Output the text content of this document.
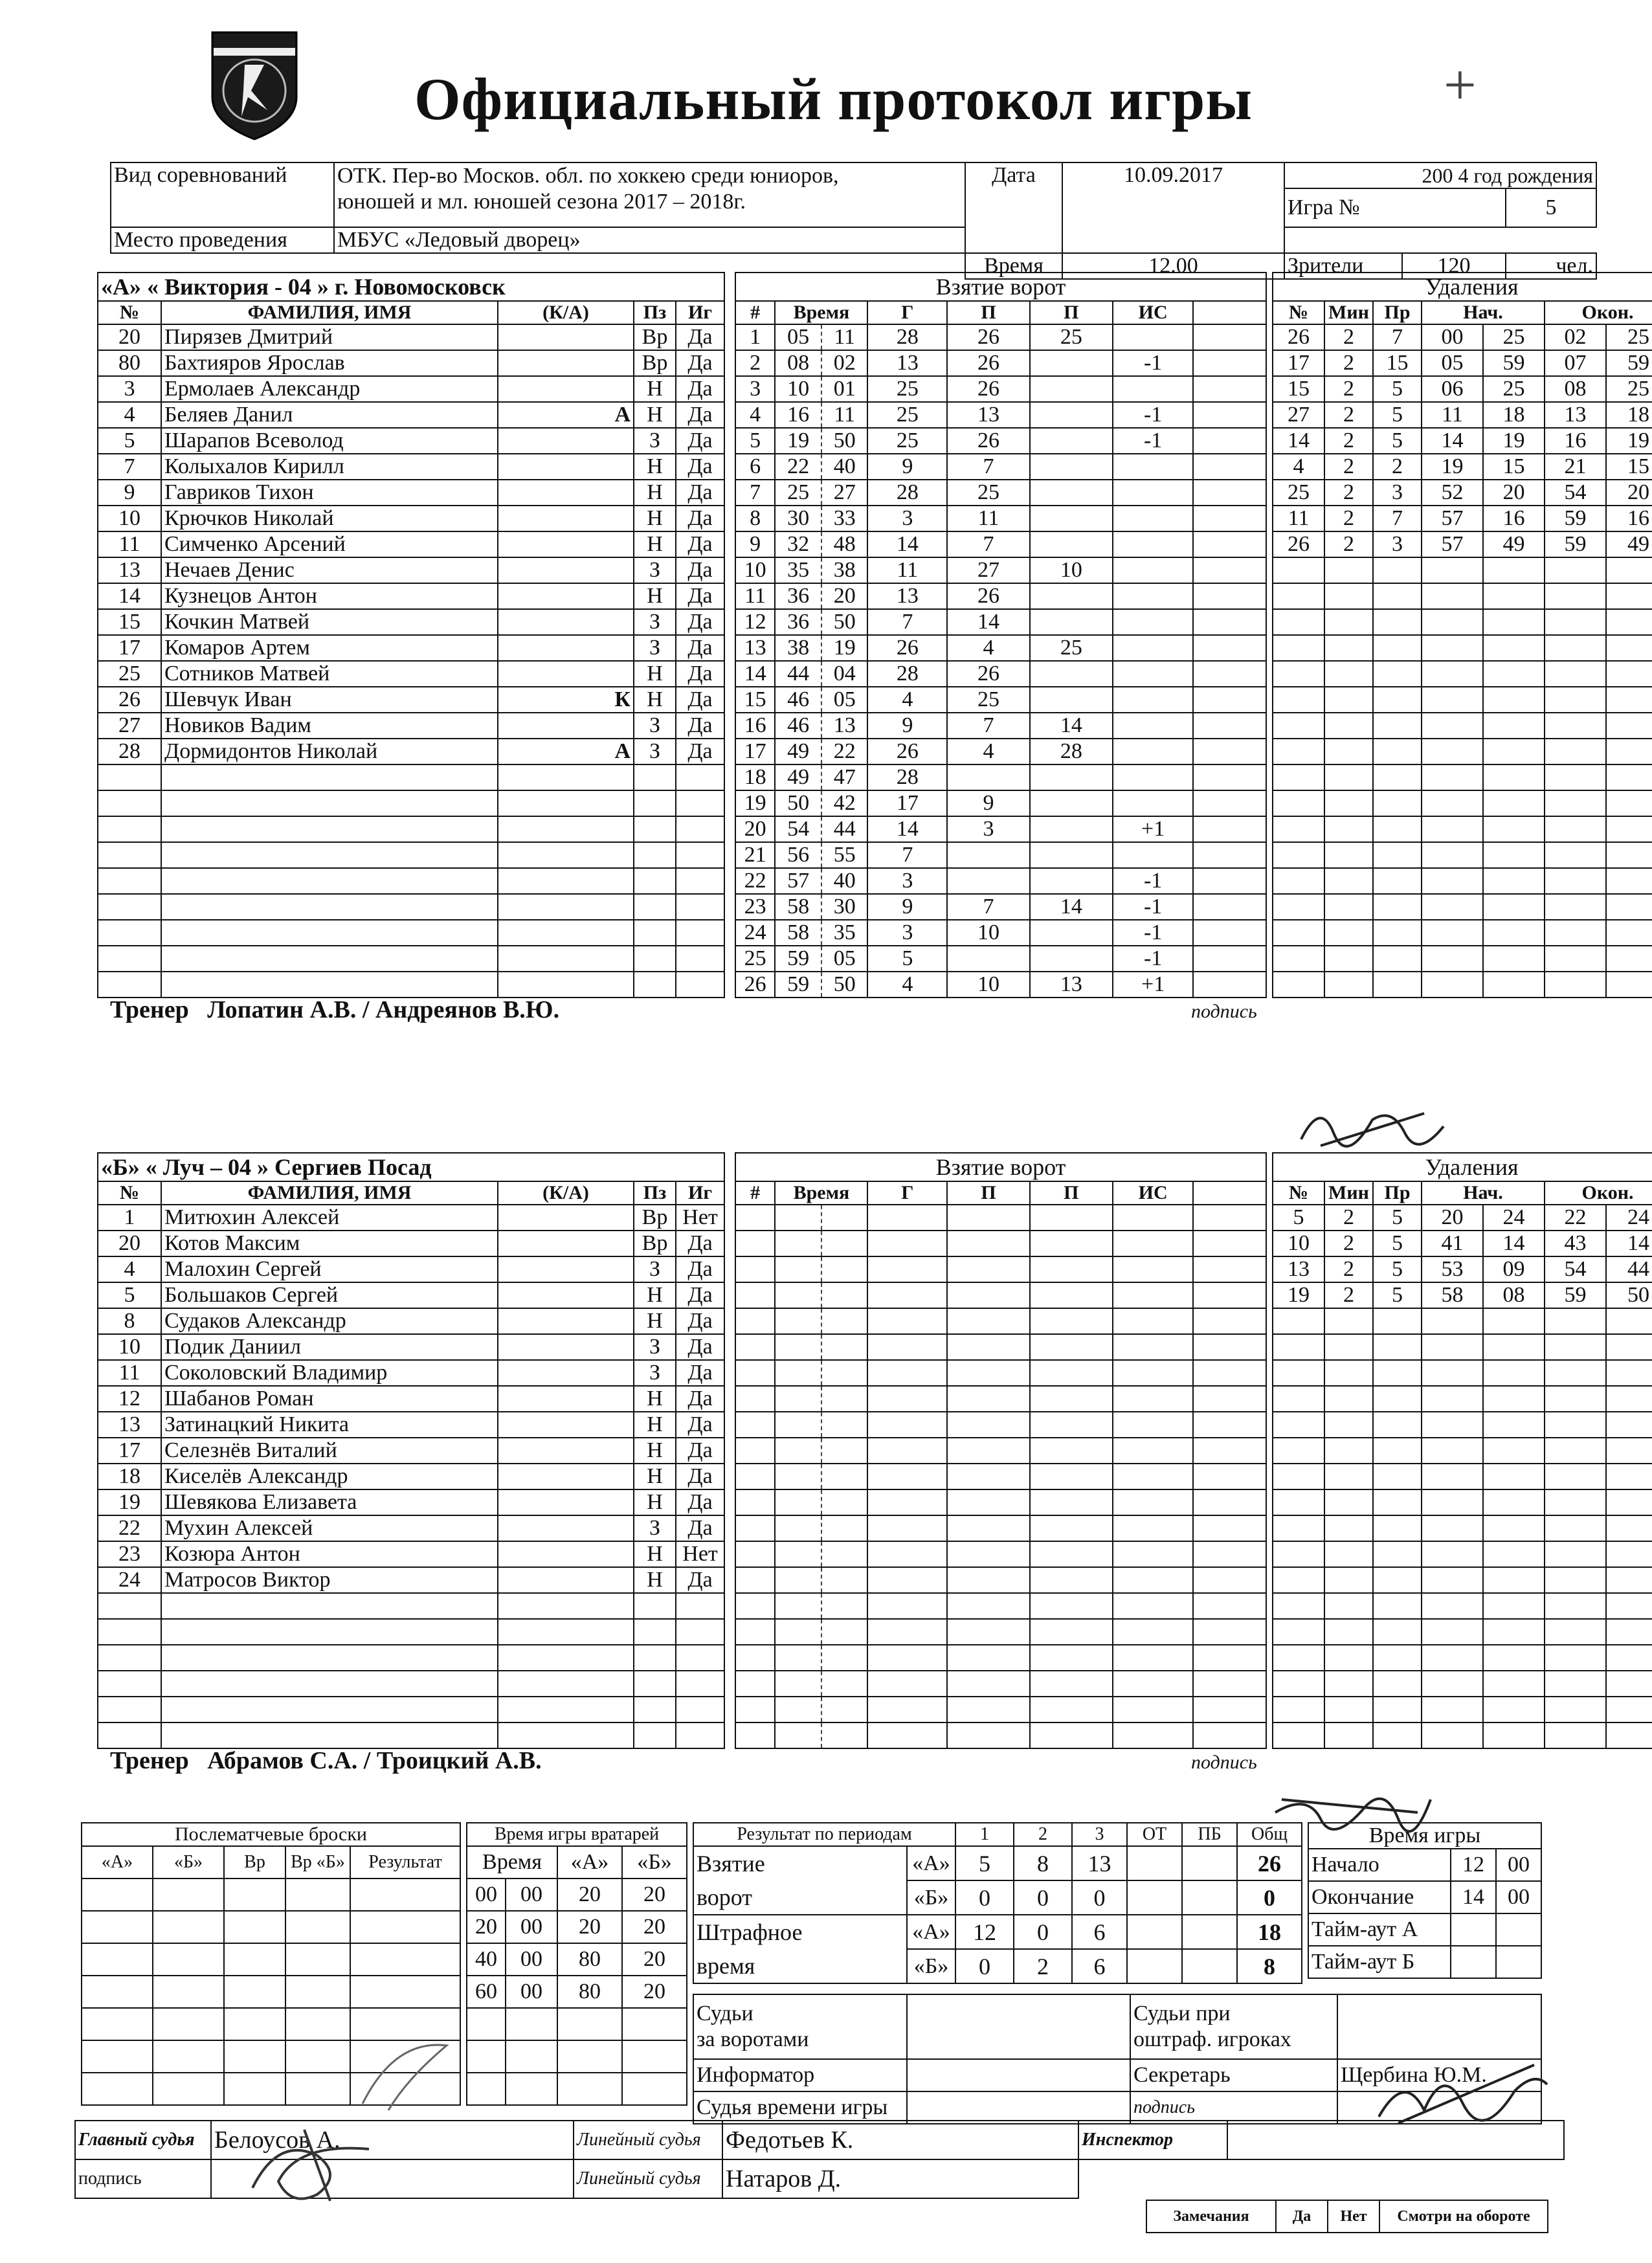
Официальный протокол игры	+
Вид соревнований	ОТК. Пер-во Москов. обл. по хоккею среди юниоров,
юношей и мл. юношей сезона 2017 – 2018г.	Дата	10.09.2017	200 4 год рождения		
				Игра №		5
Место проведения	МБУС «Ледовый дворец»					
		Время	12.00	Зрители	120	чел.
«А» « Виктория - 04 » г. Новомосковск				
№	ФАМИЛИЯ, ИМЯ	(К/А)	Пз	Иг
20	Пирязев Дмитрий		Вр	Да
80	Бахтияров Ярослав		Вр	Да
3	Ермолаев Александр		Н	Да
4	Беляев Данил	А	Н	Да
5	Шарапов Всеволод		З	Да
7	Колыхалов Кирилл		Н	Да
9	Гавриков Тихон		Н	Да
10	Крючков Николай		Н	Да
11	Симченко Арсений		Н	Да
13	Нечаев Денис		З	Да
14	Кузнецов Антон		Н	Да
15	Кочкин Матвей		З	Да
17	Комаров Артем		З	Да
25	Сотников Матвей		Н	Да
26	Шевчук Иван	К	Н	Да
27	Новиков Вадим		З	Да
28	Дормидонтов Николай	А	З	Да

Взятие ворот							
#	Время		Г	П	П	ИС	
1	05	11	28	26	25		
2	08	02	13	26		-1	
3	10	01	25	26			
4	16	11	25	13		-1	
5	19	50	25	26		-1	
6	22	40	9	7			
7	25	27	28	25			
8	30	33	3	11			
9	32	48	14	7			
10	35	38	11	27	10		
11	36	20	13	26			
12	36	50	7	14			
13	38	19	26	4	25		
14	44	04	28	26			
15	46	05	4	25			
16	46	13	9	7	14		
17	49	22	26	4	28		
18	49	47	28				
19	50	42	17	9			
20	54	44	14	3		+1	
21	56	55	7				
22	57	40	3			-1	
23	58	30	9	7	14	-1	
24	58	35	3	10		-1	
25	59	05	5			-1	
26	59	50	4	10	13	+1	
Удаления						
№	Мин	Пр	Нач.		Окон.	
26	2	7	00	25	02	25
17	2	15	05	59	07	59
15	2	5	06	25	08	25
27	2	5	11	18	13	18
14	2	5	14	19	16	19
4	2	2	19	15	21	15
25	2	3	52	20	54	20
11	2	7	57	16	59	16
26	2	3	57	49	59	49

Тренер Лопатин А.В. / Андреянов В.Ю.	подпись
«Б» « Луч – 04 » Сергиев Посад				
№	ФАМИЛИЯ, ИМЯ	(К/А)	Пз	Иг
1	Митюхин Алексей		Вр	Нет
20	Котов Максим		Вр	Да
4	Малохин Сергей		З	Да
5	Большаков Сергей		Н	Да
8	Судаков Александр		Н	Да
10	Подик Даниил		З	Да
11	Соколовский Владимир		З	Да
12	Шабанов Роман		Н	Да
13	Затинацкий Никита		Н	Да
17	Селезнёв Виталий		Н	Да
18	Киселёв Александр		Н	Да
19	Шевякова Елизавета		Н	Да
22	Мухин Алексей		З	Да
23	Козюра Антон		Н	Нет
24	Матросов Виктор		Н	Да

Взятие ворот							
#	Время		Г	П	П	ИС	

Удаления						
№	Мин	Пр	Нач.		Окон.	
5	2	5	20	24	22	24
10	2	5	41	14	43	14
13	2	5	53	09	54	44
19	2	5	58	08	59	50

Тренер Абрамов С.А. / Троицкий А.В.	подпись
Послематчевые броски				
«А»	«Б»	Вр	Вр «Б»	Результат

Время игры вратарей			
Время		«А»	«Б»
00	00	20	20
20	00	20	20
40	00	80	20
60	00	80	20

Результат по периодам		1	2	3	ОТ	ПБ	Общ
Взятие
ворот	«А»	5	8	13			26
	«Б»	0	0	0			0
Штрафное
время	«А»	12	0	6			18
	«Б»	0	2	6			8
Время игры		
Начало	12	00
Окончание	14	00
Тайм-аут А		
Тайм-аут Б		
Судьи
за воротами		Судьи при
оштраф. игроках	
Информатор		Секретарь	Щербина Ю.М.
Судья времени игры		подпись	
Главный судья	Белоусов А.	Линейный судья	Федотьев К.	Инспектор	
подпись		Линейный судья	Натаров Д.		
Замечания	Да	Нет	Смотри на обороте
